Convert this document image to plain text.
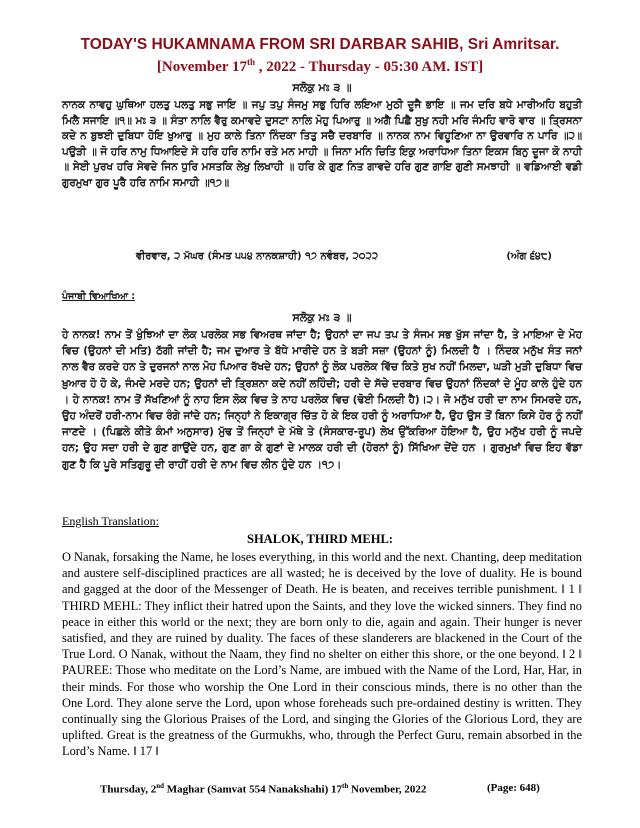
TODAY'S HUKAMNAMA FROM SRI DARBAR SAHIB, Sri Amritsar.
[November 17th , 2022 - Thursday - 05:30 AM. IST]
ਸਲੋਕੁ ਮਃ ੩ ॥
ਨਾਨਕ ਨਾਵਹੁ ਘੁਥਿਆ ਹਲਤੁ ਪਲਤੁ ਸਭੁ ਜਾਇ ॥ ਜਪੁ ਤਪੁ ਸੰਜਮੁ ਸਭੁ ਹਿਰਿ ਲਇਆ ਮੁਠੀ ਦੂਜੈ ਭਾਇ ॥ ਜਮ ਦਰਿ ਬਧੇ ਮਾਰੀਅਹਿ ਬਹੁਤੀ ਮਿਲੈ ਸਜਾਇ ॥੧॥ ਮਃ ੩ ॥ ਸੰਤਾ ਨਾਲਿ ਵੈਰੁ ਕਮਾਵਦੇ ਦੁਸਟਾ ਨਾਲਿ ਮੋਹੁ ਪਿਆਰੁ ॥ ਅਗੈ ਪਿਛੈ ਸੁਖੁ ਨਹੀ ਮਰਿ ਜੰਮਹਿ ਵਾਰੋ ਵਾਰ ॥ ਤ੍ਰਿਸਨਾ ਕਦੇ ਨ ਬੁਝਈ ਦੁਬਿਧਾ ਹੋਇ ਖੁਆਰੁ ॥ ਮੁਹ ਕਾਲੇ ਤਿਨਾ ਨਿੰਦਕਾ ਤਿਤੁ ਸਚੈ ਦਰਬਾਰਿ ॥ ਨਾਨਕ ਨਾਮ ਵਿਹੂਣਿਆ ਨਾ ਉਰਵਾਰਿ ਨ ਪਾਰਿ ॥੨॥ ਪਉੜੀ ॥ ਜੋ ਹਰਿ ਨਾਮੁ ਧਿਆਇਦੇ ਸੇ ਹਰਿ ਹਰਿ ਨਾਮਿ ਰਤੇ ਮਨ ਮਾਹੀ ॥ ਜਿਨਾ ਮਨਿ ਚਿਤਿ ਇਕੁ ਅਰਾਧਿਆ ਤਿਨਾ ਇਕਸ ਬਿਨੁ ਦੂਜਾ ਕੋ ਨਾਹੀ ॥ ਸੇਈ ਪੁਰਖ ਹਰਿ ਸੇਵਦੇ ਜਿਨ ਧੁਰਿ ਮਸਤਕਿ ਲੇਖੁ ਲਿਖਾਹੀ ॥ ਹਰਿ ਕੇ ਗੁਣ ਨਿਤ ਗਾਵਦੇ ਹਰਿ ਗੁਣ ਗਾਇ ਗੁਣੀ ਸਮਝਾਹੀ ॥ ਵਡਿਆਈ ਵਡੀ ਗੁਰਮੁਖਾ ਗੁਰ ਪੂਰੈ ਹਰਿ ਨਾਮਿ ਸਮਾਹੀ ॥੧੭॥
ਵੀਰਵਾਰ, ੨ ਮੱਘਰ (ਸੰਮਤ ੫੫੪ ਨਾਨਕਸ਼ਾਹੀ) ੧੭ ਨਵੰਬਰ, ੨੦੨੨	(ਅੰਗ ੬੪੮)
ਪੰਜਾਬੀ ਵਿਆਖਿਆ :
ਸਲੋਕੁ ਮਃ ੩ ॥
ਹੇ ਨਾਨਕ! ਨਾਮ ਤੋਂ ਖੁੰਝਿਆਂ ਦਾ ਲੋਕ ਪਰਲੋਕ ਸਭ ਵਿਅਰਥ ਜਾਂਦਾ ਹੈ; ਉਹਨਾਂ ਦਾ ਜਪ ਤਪ ਤੇ ਸੰਜਮ ਸਭ ਖੁੱਸ ਜਾਂਦਾ ਹੈ, ਤੇ ਮਾਇਆ ਦੇ ਮੋਹ ਵਿਚ (ਉਹਨਾਂ ਦੀ ਮਤਿ) ਠੱਗੀ ਜਾਂਦੀ ਹੈ; ਜਮ ਦੁਆਰ ਤੇ ਬੱਧੇ ਮਾਰੀਦੇ ਹਨ ਤੇ ਬੜੀ ਸਜ਼ਾ (ਉਹਨਾਂ ਨੂੰ) ਮਿਲਦੀ ਹੈ । ਨਿੰਦਕ ਮਨੁੱਖ ਸੰਤ ਜਨਾਂ ਨਾਲ ਵੈਰ ਕਰਦੇ ਹਨ ਤੇ ਦੁਰਜਨਾਂ ਨਾਲ ਮੋਹ ਪਿਆਰ ਰੱਖਦੇ ਹਨ; ਉਹਨਾਂ ਨੂੰ ਲੋਕ ਪਰਲੋਕ ਵਿੱਚ ਕਿਤੇ ਸੁਖ ਨਹੀਂ ਮਿਲਦਾ, ਘੜੀ ਮੁੜੀ ਦੁਬਿਧਾ ਵਿਚ ਖ਼ੁਆਰ ਹੋ ਹੋ ਕੇ, ਜੰਮਦੇ ਮਰਦੇ ਹਨ; ਉਹਨਾਂ ਦੀ ਤ੍ਰਿਸ਼ਨਾ ਕਦੇ ਨਹੀਂ ਲਹਿੰਦੀ; ਹਰੀ ਦੇ ਸੱਚੇ ਦਰਬਾਰ ਵਿਚ ਉਹਨਾਂ ਨਿੰਦਕਾਂ ਦੇ ਮੂੰਹ ਕਾਲੇ ਹੁੰਦੇ ਹਨ । ਹੇ ਨਾਨਕ! ਨਾਮ ਤੋਂ ਸੱਖਣਿਆਂ ਨੂੰ ਨਾਹ ਇਸ ਲੋਕ ਵਿਚ ਤੇ ਨਾਹ ਪਰਲੋਕ ਵਿਚ (ਢੋਈ ਮਿਲਦੀ ਹੈ)।੨। ਜੋ ਮਨੁੱਖ ਹਰੀ ਦਾ ਨਾਮ ਸਿਮਰਦੇ ਹਨ, ਉਹ ਅੰਦਰੋਂ ਹਰੀ-ਨਾਮ ਵਿਚ ਰੰਗੇ ਜਾਂਦੇ ਹਨ; ਜਿਨ੍ਹਾਂ ਨੇ ਇਕਾਗ੍ਰ ਚਿੱਤ ਹੋ ਕੇ ਇਕ ਹਰੀ ਨੂੰ ਅਰਾਧਿਆ ਹੈ, ਉਹ ਉਸ ਤੋਂ ਬਿਨਾ ਕਿਸੇ ਹੋਰ ਨੂੰ ਨਹੀਂ ਜਾਣਦੇ । (ਪਿਛਲੇ ਕੀਤੇ ਕੰਮਾਂ ਅਨੁਸਾਰ) ਮੁੱਢ ਤੋਂ ਜਿਨ੍ਹਾਂ ਦੇ ਮੱਥੇ ਤੇ (ਸੰਸਕਾਰ-ਰੂਪ) ਲੇਖ ਉੱਕਰਿਆ ਹੋਇਆ ਹੈ, ਉਹ ਮਨੁੱਖ ਹਰੀ ਨੂੰ ਜਪਦੇ ਹਨ; ਉਹ ਸਦਾ ਹਰੀ ਦੇ ਗੁਣ ਗਾਉਂਦੇ ਹਨ, ਗੁਣ ਗਾ ਕੇ ਗੁਣਾਂ ਦੇ ਮਾਲਕ ਹਰੀ ਦੀ (ਹੋਰਨਾਂ ਨੂੰ) ਸਿੱਖਿਆ ਦੇਂਦੇ ਹਨ । ਗੁਰਮੁਖਾਂ ਵਿਚ ਇਹ ਵੱਡਾ ਗੁਣ ਹੈ ਕਿ ਪੂਰੇ ਸਤਿਗੁਰੂ ਦੀ ਰਾਹੀਂ ਹਰੀ ਦੇ ਨਾਮ ਵਿਚ ਲੀਨ ਹੁੰਦੇ ਹਨ ।੧੭।
English Translation:
SHALOK, THIRD MEHL:
O Nanak, forsaking the Name, he loses everything, in this world and the next. Chanting, deep meditation and austere self-disciplined practices are all wasted; he is deceived by the love of duality. He is bound and gagged at the door of the Messenger of Death. He is beaten, and receives terrible punishment. ‖ 1 ‖ THIRD MEHL: They inflict their hatred upon the Saints, and they love the wicked sinners. They find no peace in either this world or the next; they are born only to die, again and again. Their hunger is never satisfied, and they are ruined by duality. The faces of these slanderers are blackened in the Court of the True Lord. O Nanak, without the Naam, they find no shelter on either this shore, or the one beyond. ‖ 2 ‖ PAUREE: Those who meditate on the Lord’s Name, are imbued with the Name of the Lord, Har, Har, in their minds. For those who worship the One Lord in their conscious minds, there is no other than the One Lord. They alone serve the Lord, upon whose foreheads such pre-ordained destiny is written. They continually sing the Glorious Praises of the Lord, and singing the Glories of the Glorious Lord, they are uplifted. Great is the greatness of the Gurmukhs, who, through the Perfect Guru, remain absorbed in the Lord’s Name. ‖ 17 ‖
Thursday, 2nd Maghar (Samvat 554 Nanakshahi) 17th November, 2022	(Page: 648)
